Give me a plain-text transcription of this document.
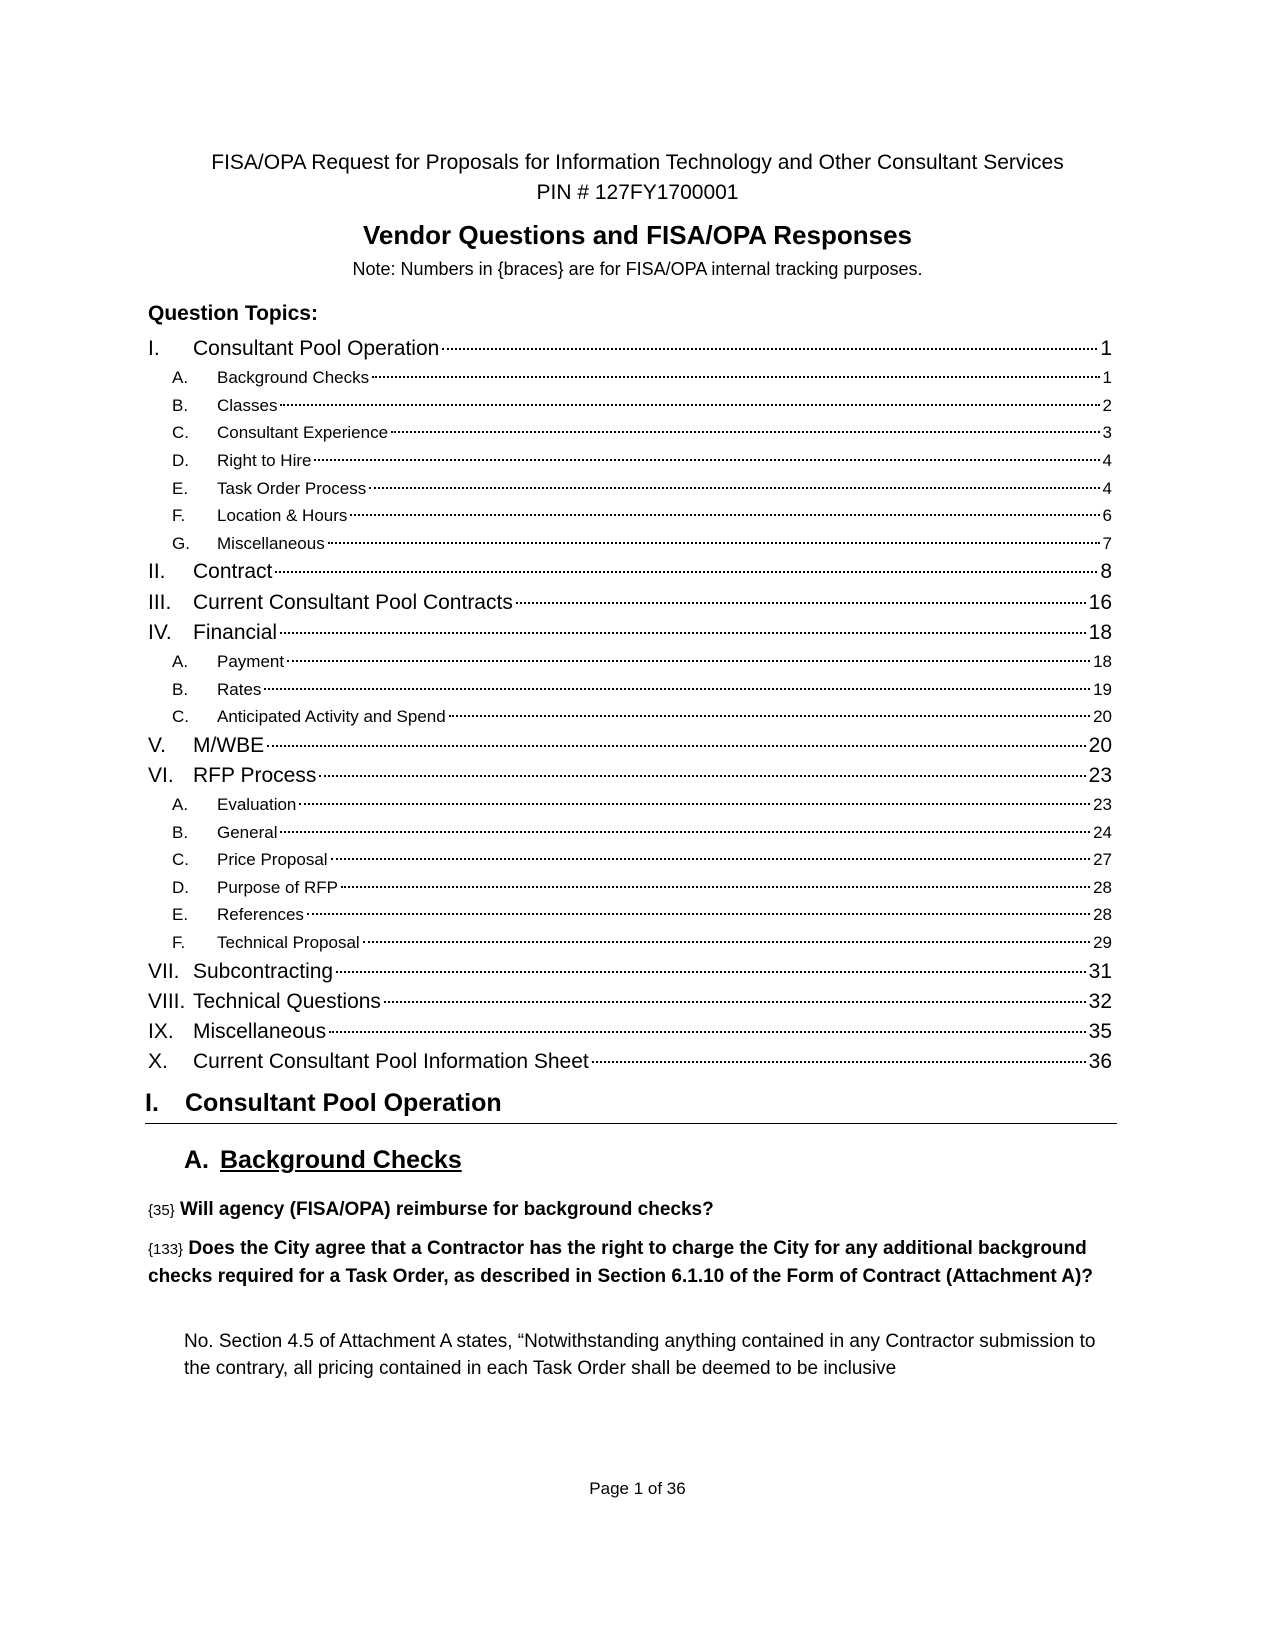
FISA/OPA Request for Proposals for Information Technology and Other Consultant Services
PIN # 127FY1700001
Vendor Questions and FISA/OPA Responses
Note: Numbers in {braces} are for FISA/OPA internal tracking purposes.
Question Topics:
I.	Consultant Pool Operation	1
A.	Background Checks	1
B.	Classes	2
C.	Consultant Experience	3
D.	Right to Hire	4
E.	Task Order Process	4
F.	Location & Hours	6
G.	Miscellaneous	7
II.	Contract	8
III.	Current Consultant Pool Contracts	16
IV.	Financial	18
A.	Payment	18
B.	Rates	19
C.	Anticipated Activity and Spend	20
V.	M/WBE	20
VI. RFP Process	23
A.	Evaluation	23
B.	General	24
C.	Price Proposal	27
D.	Purpose of RFP	28
E.	References	28
F.	Technical Proposal	29
VII. Subcontracting	31
VIII. Technical Questions	32
IX. Miscellaneous	35
X.	Current Consultant Pool Information Sheet	36
I. Consultant Pool Operation
A. Background Checks
{35} Will agency (FISA/OPA) reimburse for background checks?
{133} Does the City agree that a Contractor has the right to charge the City for any additional background checks required for a Task Order, as described in Section 6.1.10 of the Form of Contract (Attachment A)?
No. Section 4.5 of Attachment A states, “Notwithstanding anything contained in any Contractor submission to the contrary, all pricing contained in each Task Order shall be deemed to be inclusive
Page 1 of 36
